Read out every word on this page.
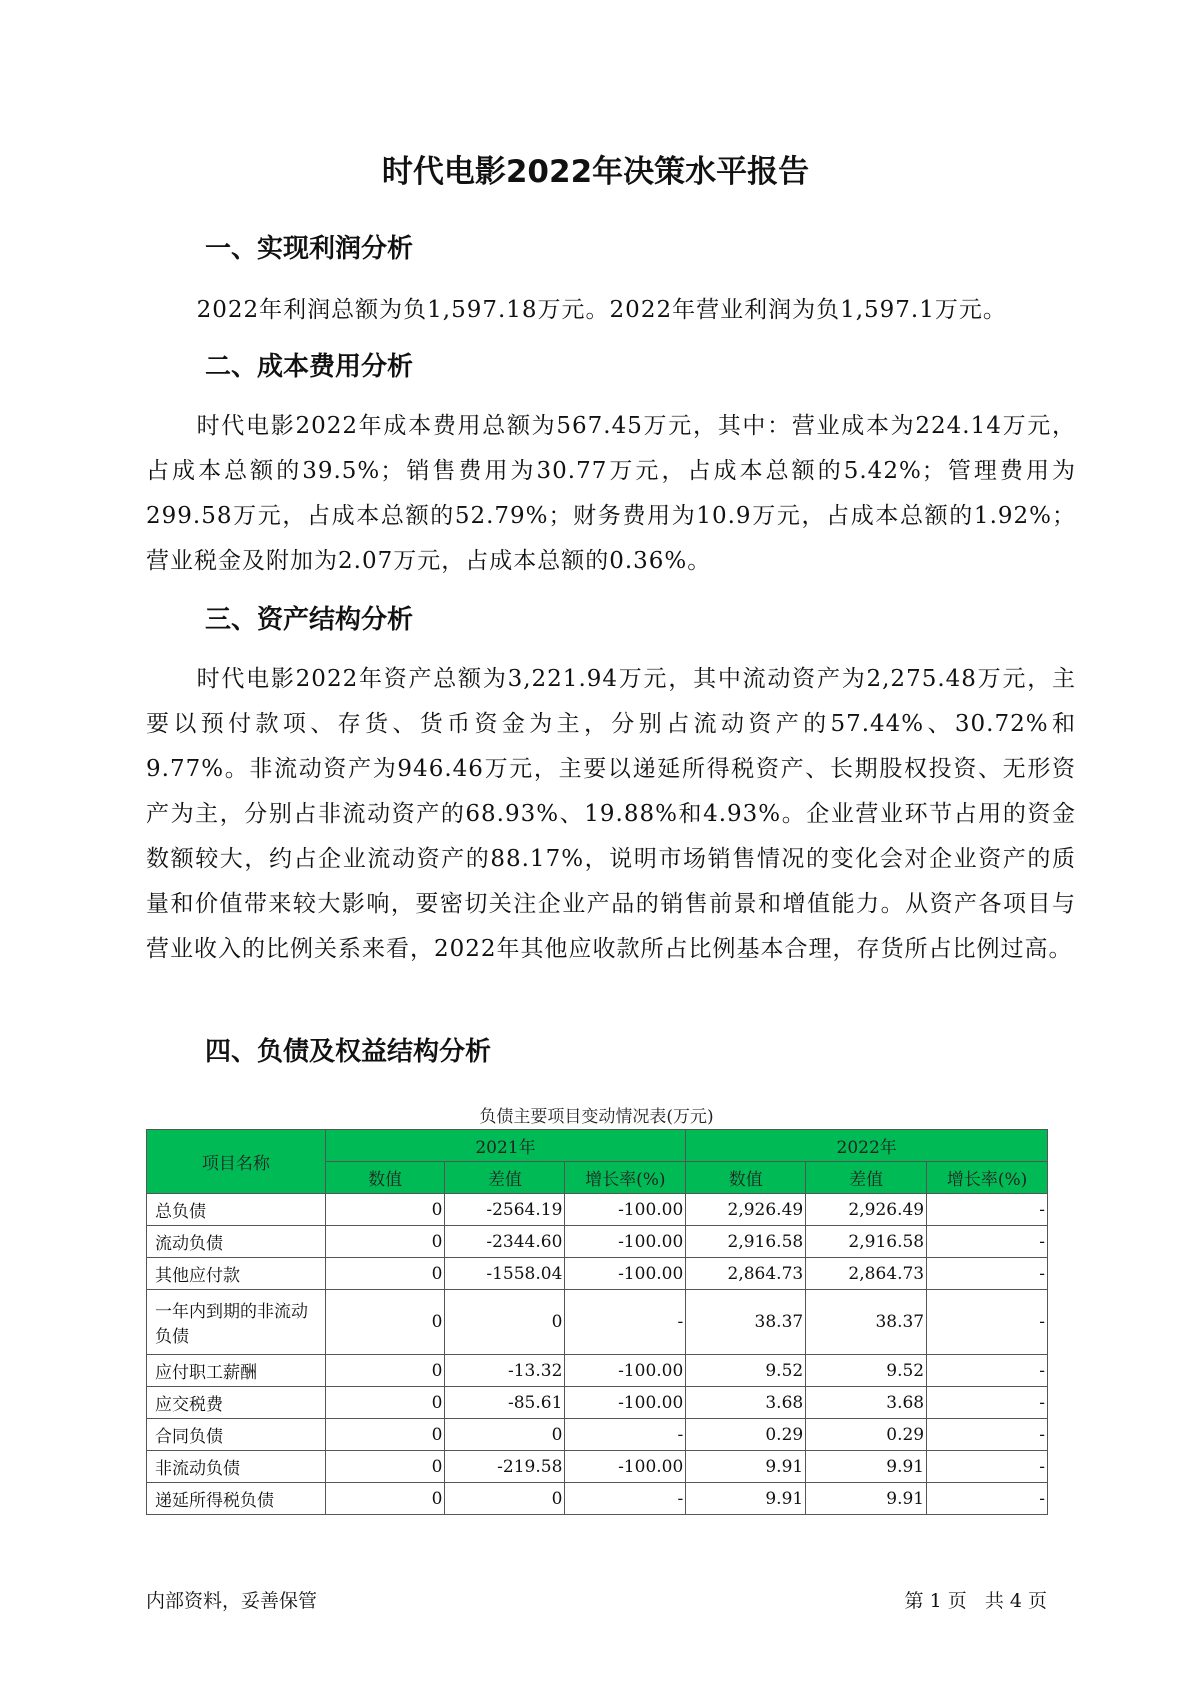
时代电影2022年决策水平报告
一、实现利润分析
2022年利润总额为负1,597.18万元。2022年营业利润为负1,597.1万元。
二、成本费用分析
时代电影2022年成本费用总额为567.45万元，其中：营业成本为224.14万元，占成本总额的39.5%；销售费用为30.77万元，占成本总额的5.42%；管理费用为299.58万元，占成本总额的52.79%；财务费用为10.9万元，占成本总额的1.92%；营业税金及附加为2.07万元，占成本总额的0.36%。
三、资产结构分析
时代电影2022年资产总额为3,221.94万元，其中流动资产为2,275.48万元，主要以预付款项、存货、货币资金为主，分别占流动资产的57.44%、30.72%和9.77%。非流动资产为946.46万元，主要以递延所得税资产、长期股权投资、无形资产为主，分别占非流动资产的68.93%、19.88%和4.93%。企业营业环节占用的资金数额较大，约占企业流动资产的88.17%，说明市场销售情况的变化会对企业资产的质量和价值带来较大影响，要密切关注企业产品的销售前景和增值能力。从资产各项目与营业收入的比例关系来看，2022年其他应收款所占比例基本合理，存货所占比例过高。
四、负债及权益结构分析
负债主要项目变动情况表(万元)
项目名称	2021年			2022年		
	数值	差值	增长率(%)	数值	差值	增长率(%)
总负债	0	-2564.19	-100.00	2,926.49	2,926.49	-
流动负债	0	-2344.60	-100.00	2,916.58	2,916.58	-
其他应付款	0	-1558.04	-100.00	2,864.73	2,864.73	-
一年内到期的非流动负债	0	0	-	38.37	38.37	-
应付职工薪酬	0	-13.32	-100.00	9.52	9.52	-
应交税费	0	-85.61	-100.00	3.68	3.68	-
合同负债	0	0	-	0.29	0.29	-
非流动负债	0	-219.58	-100.00	9.91	9.91	-
递延所得税负债	0	0	-	9.91	9.91	-
内部资料，妥善保管	第 1 页   共 4 页
